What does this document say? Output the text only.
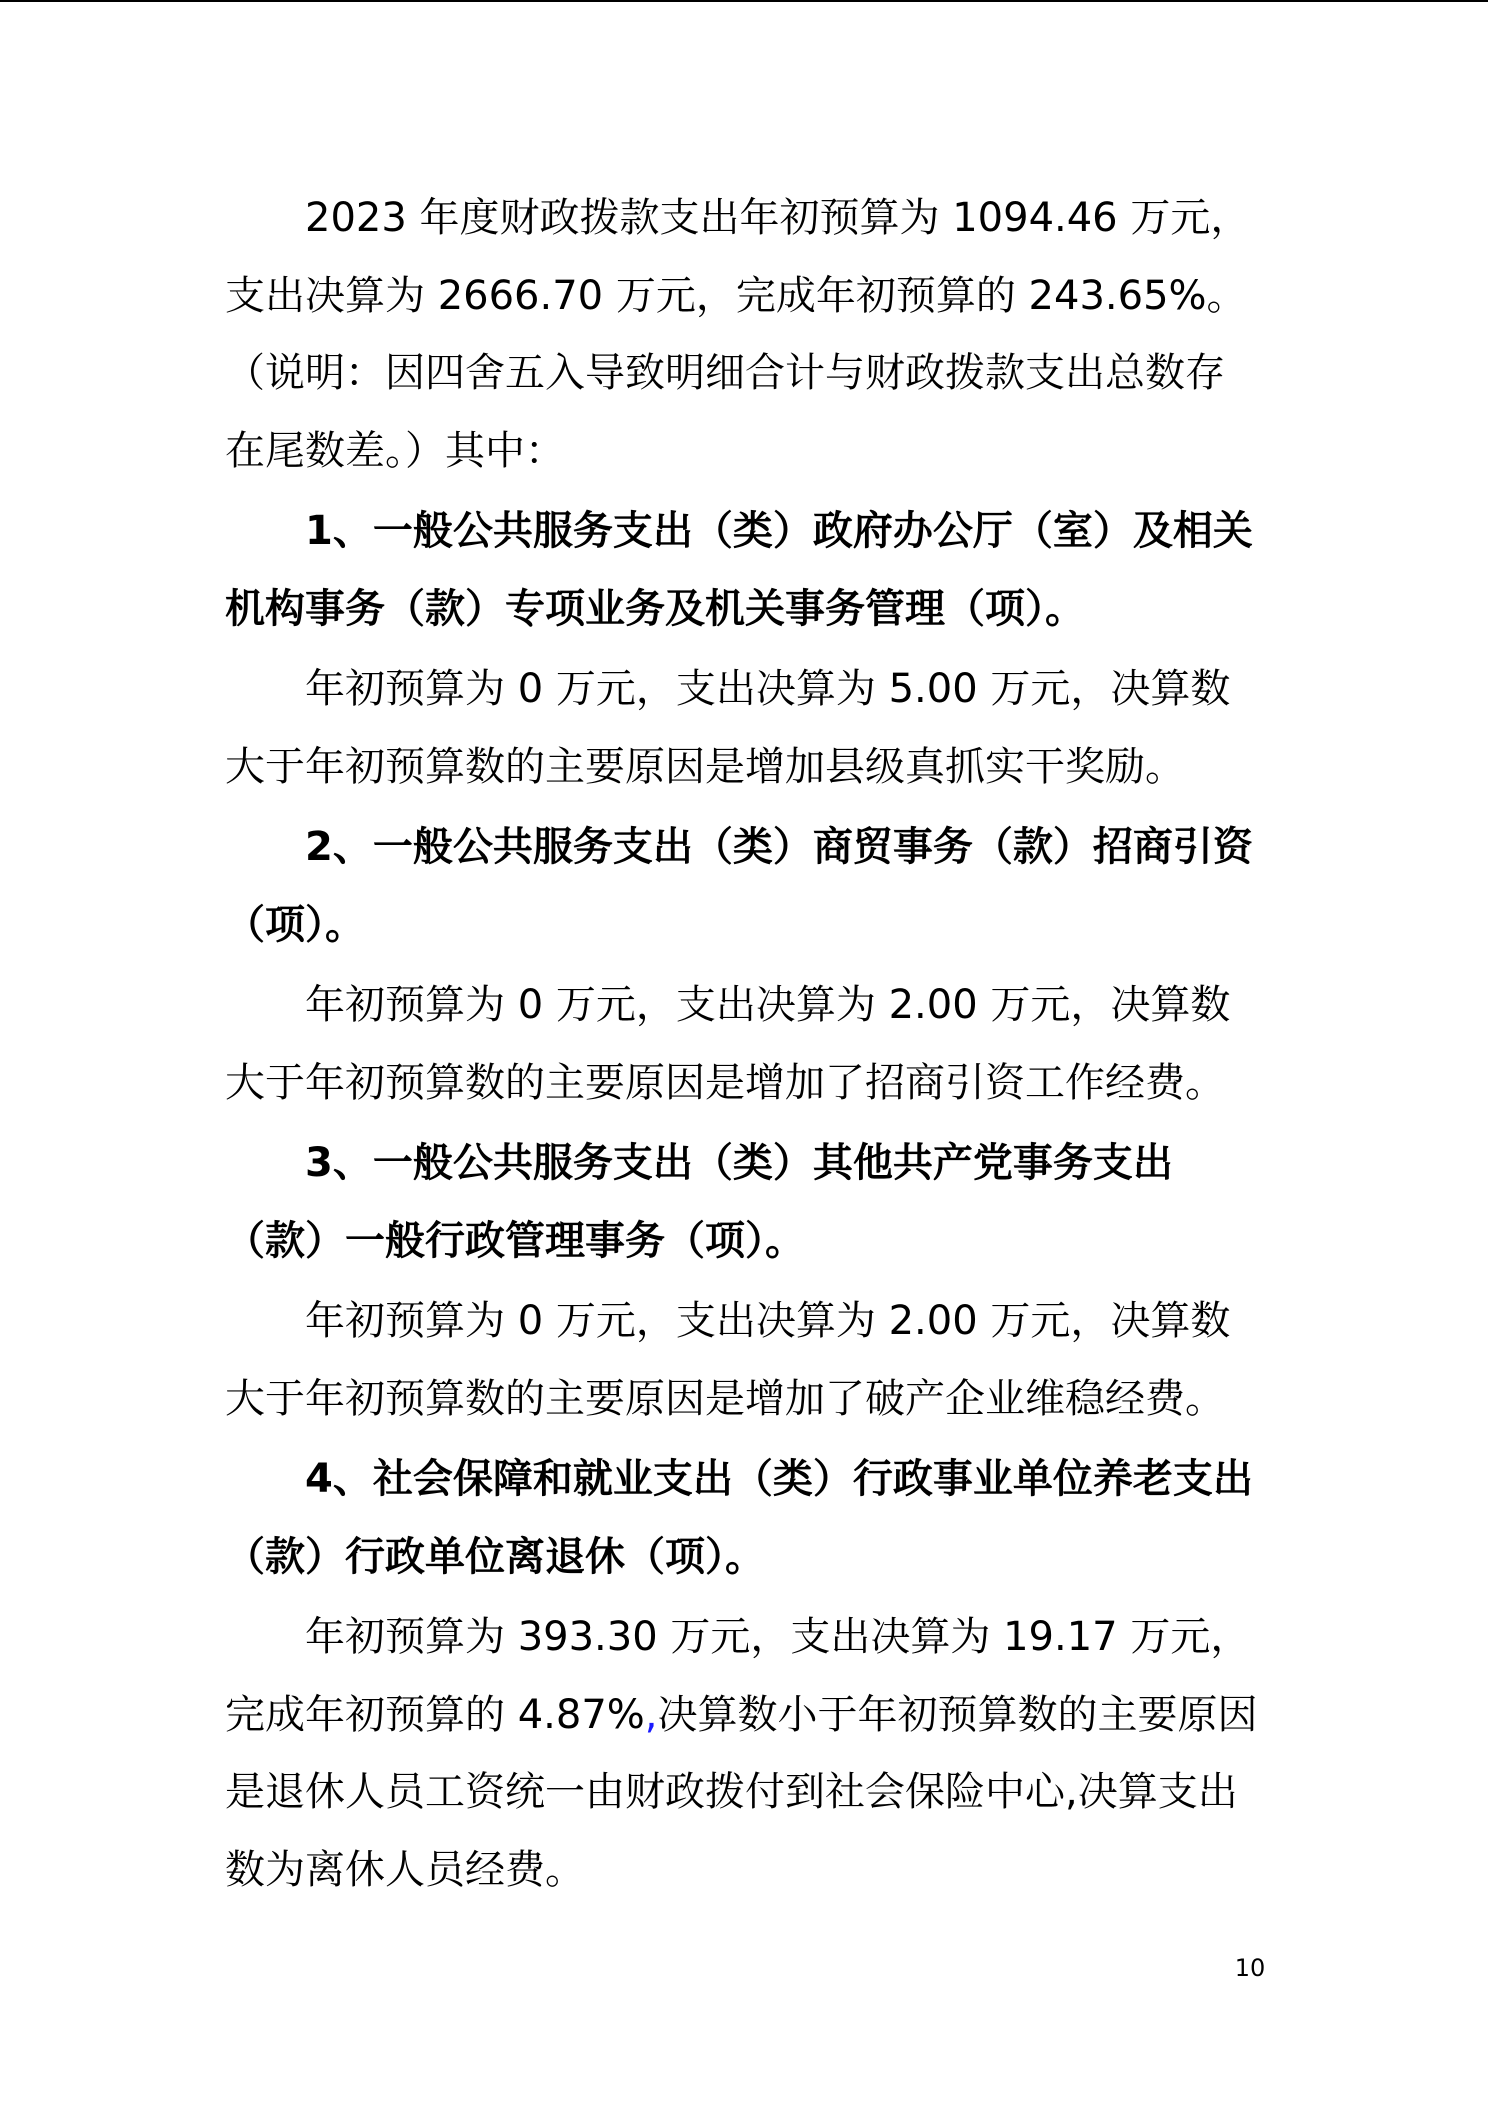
2023 年度财政拨款支出年初预算为 1094.46 万元，支出决算为 2666.70 万元，完成年初预算的 243.65%。（说明：因四舍五入导致明细合计与财政拨款支出总数存在尾数差。）其中：

1、一般公共服务支出（类）政府办公厅（室）及相关机构事务（款）专项业务及机关事务管理（项）。

年初预算为 0 万元，支出决算为 5.00 万元，决算数大于年初预算数的主要原因是增加县级真抓实干奖励。

2、一般公共服务支出（类）商贸事务（款）招商引资（项）。

年初预算为 0 万元，支出决算为 2.00 万元，决算数大于年初预算数的主要原因是增加了招商引资工作经费。

3、一般公共服务支出（类）其他共产党事务支出（款）一般行政管理事务（项）。

年初预算为 0 万元，支出决算为 2.00 万元，决算数大于年初预算数的主要原因是增加了破产企业维稳经费。

4、社会保障和就业支出（类）行政事业单位养老支出（款）行政单位离退休（项）。

年初预算为 393.30 万元，支出决算为 19.17 万元，完成年初预算的 4.87%,决算数小于年初预算数的主要原因是退休人员工资统一由财政拨付到社会保险中心,决算支出数为离休人员经费。

10
